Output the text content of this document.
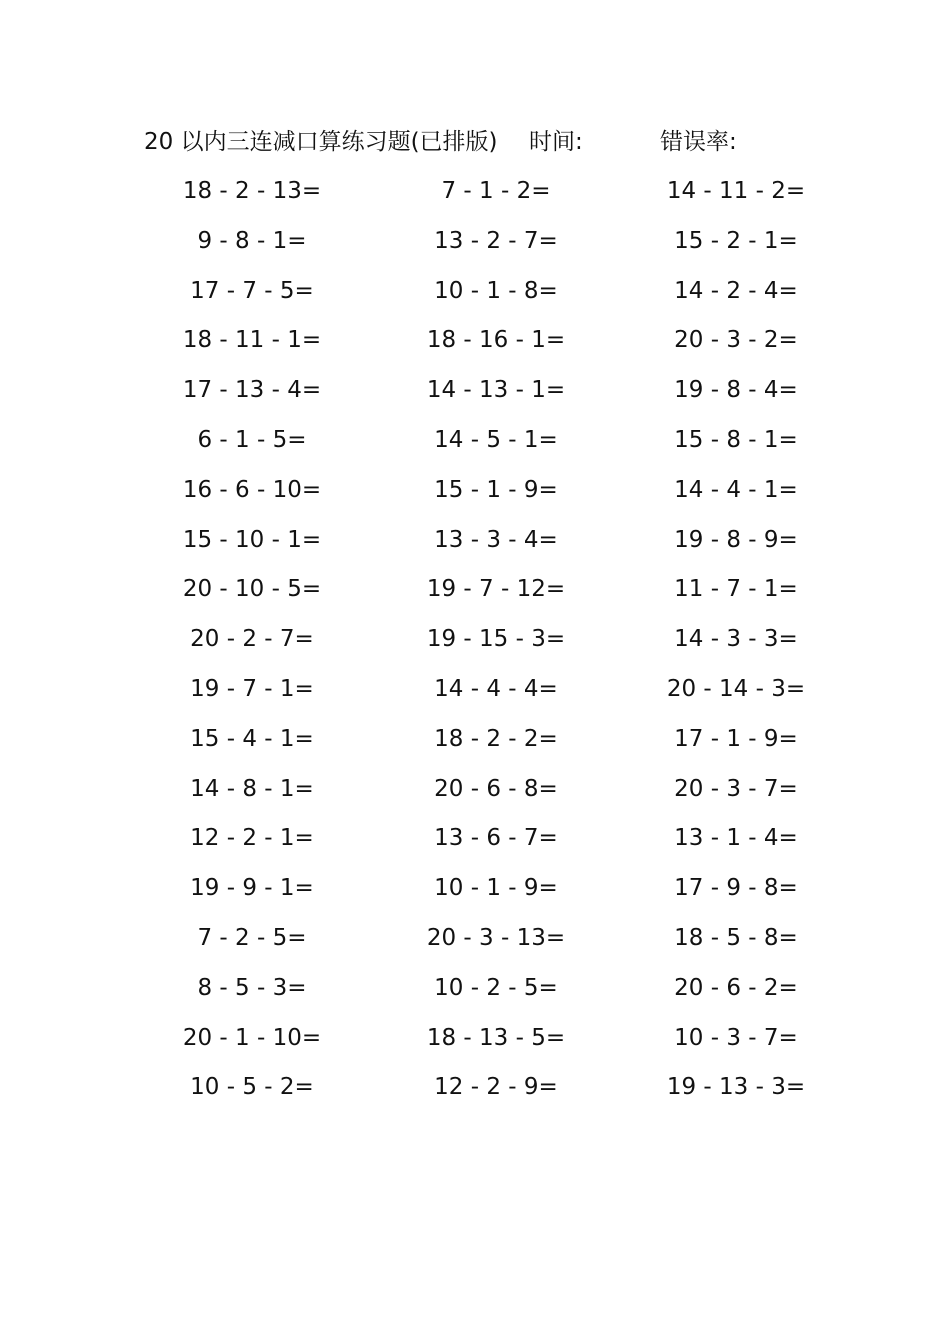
20 以内三连减口算练习题(已排版) 时间:	错误率:
18 - 2 - 13=	7 - 1 - 2=	14 - 11 - 2=
9 - 8 - 1=	13 - 2 - 7=	15 - 2 - 1=
17 - 7 - 5=	10 - 1 - 8=	14 - 2 - 4=
18 - 11 - 1=	18 - 16 - 1=	20 - 3 - 2=
17 - 13 - 4=	14 - 13 - 1=	19 - 8 - 4=
6 - 1 - 5=	14 - 5 - 1=	15 - 8 - 1=
16 - 6 - 10=	15 - 1 - 9=	14 - 4 - 1=
15 - 10 - 1=	13 - 3 - 4=	19 - 8 - 9=
20 - 10 - 5=	19 - 7 - 12=	11 - 7 - 1=
20 - 2 - 7=	19 - 15 - 3=	14 - 3 - 3=
19 - 7 - 1=	14 - 4 - 4=	20 - 14 - 3=
15 - 4 - 1=	18 - 2 - 2=	17 - 1 - 9=
14 - 8 - 1=	20 - 6 - 8=	20 - 3 - 7=
12 - 2 - 1=	13 - 6 - 7=	13 - 1 - 4=
19 - 9 - 1=	10 - 1 - 9=	17 - 9 - 8=
7 - 2 - 5=	20 - 3 - 13=	18 - 5 - 8=
8 - 5 - 3=	10 - 2 - 5=	20 - 6 - 2=
20 - 1 - 10=	18 - 13 - 5=	10 - 3 - 7=
10 - 5 - 2=	12 - 2 - 9=	19 - 13 - 3=
